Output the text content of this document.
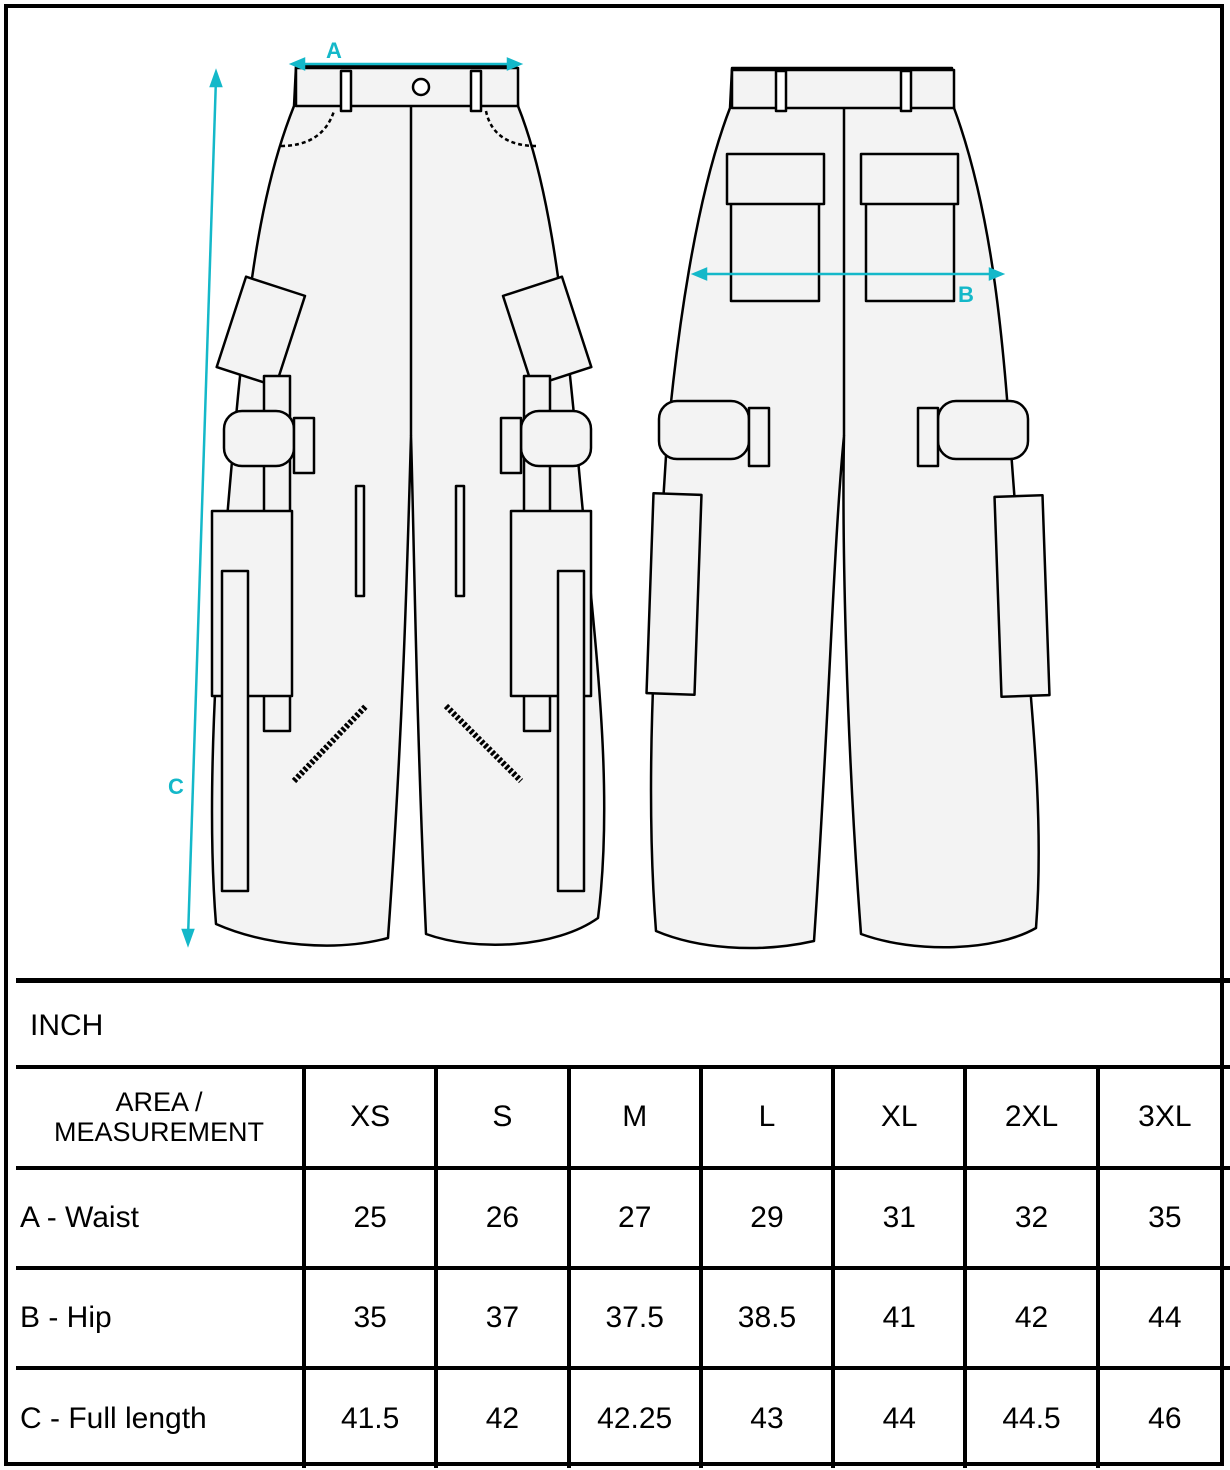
A
B
C
INCH
AREA /
MEASUREMENT	XS	S	M	L	XL	2XL	3XL
A - Waist	25	26	27	29	31	32	35
B - Hip	35	37	37.5	38.5	41	42	44
C - Full length	41.5	42	42.25	43	44	44.5	46
